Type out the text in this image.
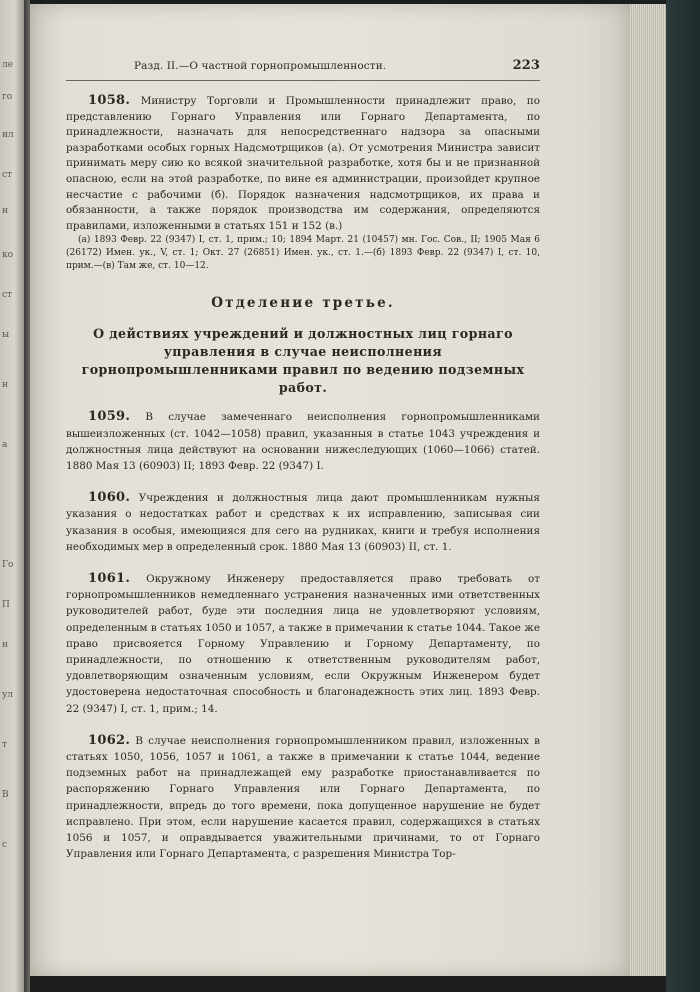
ле
го
ил
ст
н
ко
ст
ы
н
а
Го
П
н
ул
т
В
с
Разд. II.—О частной горнопромышленности.	223

1058. Министру Торговли и Промышленности принадлежит право, по представлению Горнаго Управления или Горнаго Департамента, по принадлежности, назначать для непосредственнаго надзора за опасными разработками особых горных Надсмотрщиков (а). От усмотрения Министра зависит принимать меру сию ко всякой значительной разработке, хотя бы и не признанной опасною, если на этой разработке, по вине ея администрации, произойдет крупное несчастие с рабочими (б). Порядок назначения надсмотрщиков, их права и обязанности, а также порядок производства им содержания, определяются правилами, изложенными в статьях 151 и 152 (в.)

(а) 1893 Февр. 22 (9347) I, ст. 1, прим.; 10; 1894 Март. 21 (10457) мн. Гос. Сов., II; 1905 Мая 6 (26172) Имен. ук., V, ст. 1; Окт. 27 (26851) Имен. ук., ст. 1.—(б) 1893 Февр. 22 (9347) I, ст. 10, прим.—(в) Там же, ст. 10—12.

Отделение третье.
О действиях учреждений и должностных лиц горнаго управления в случае неисполнения горнопромышленниками правил по ведению подземных работ.

1059. В случае замеченнаго неисполнения горнопромышленниками вышеизложенных (ст. 1042—1058) правил, указанныя в статье 1043 учреждения и должностныя лица действуют на основании нижеследующих (1060—1066) статей. 1880 Мая 13 (60903) II; 1893 Февр. 22 (9347) I.

1060. Учреждения и должностныя лица дают промышленникам нужныя указания о недостатках работ и средствах к их исправлению, записывая сии указания в особыя, имеющияся для сего на рудниках, книги и требуя исполнения необходимых мер в определенный срок. 1880 Мая 13 (60903) II, ст. 1.

1061. Окружному Инженеру предоставляется право требовать от горнопромышленников немедленнаго устранения назначенных ими ответственных руководителей работ, буде эти последния лица не удовлетворяют условиям, определенным в статьях 1050 и 1057, а также в примечании к статье 1044. Такое же право присвояется Горному Управлению и Горному Департаменту, по принадлежности, по отношению к ответственным руководителям работ, удовлетворяющим означенным условиям, если Окружным Инженером будет удостоверена недостаточная способность и благонадежность этих лиц. 1893 Февр. 22 (9347) I, ст. 1, прим.; 14.

1062. В случае неисполнения горнопромышленником правил, изложенных в статьях 1050, 1056, 1057 и 1061, а также в примечании к статье 1044, ведение подземных работ на принадлежащей ему разработке приостанавливается по распоряжению Горнаго Управления или Горнаго Департамента, по принадлежности, впредь до того времени, пока допущенное нарушение не будет исправлено. При этом, если нарушение касается правил, содержащихся в статьях 1056 и 1057, и оправдывается уважительными причинами, то от Горнаго Управления или Горнаго Департамента, с разрешения Министра Тор-
